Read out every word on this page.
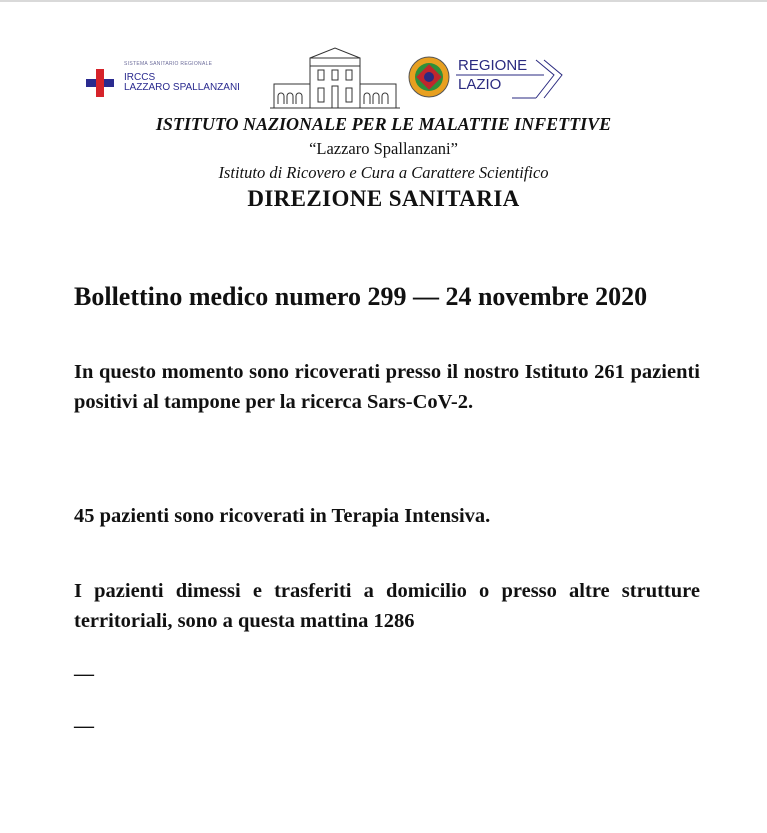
SISTEMA SANITARIO REGIONALE
IRCCS
LAZZARO SPALLANZANI
REGIONE
LAZIO
ISTITUTO NAZIONALE PER LE MALATTIE INFETTIVE
“Lazzaro Spallanzani”
Istituto di Ricovero e Cura a Carattere Scientifico
DIREZIONE SANITARIA
Bollettino medico numero 299 — 24 novembre 2020
In questo momento sono ricoverati presso il nostro Istituto 261 pazienti positivi al tampone per la ricerca Sars-CoV-2.
45 pazienti sono ricoverati in Terapia Intensiva.
I pazienti dimessi e trasferiti a domicilio o presso altre strutture territoriali, sono a questa mattina 1286
—
—
